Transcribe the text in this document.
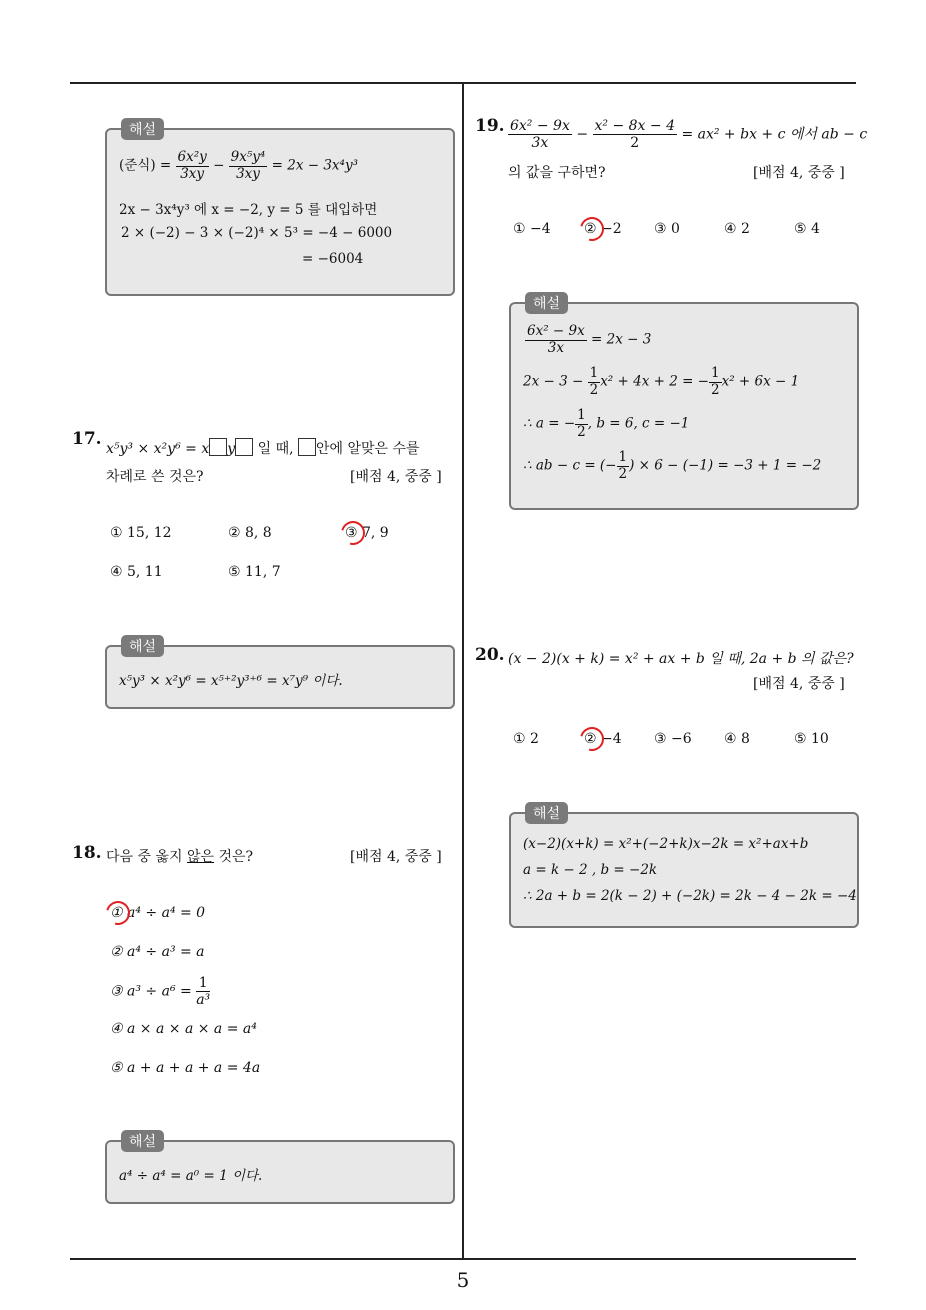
5
해설
(준식) = $\frac{\text{6x²y}}{3xy} - \frac{\text{9x⁵y⁴}}{3xy} = 2x - 3x^4y^3$
2x − 3x⁴y³ 에 x = −2, y = 5 를 대입하면
2 × (−2) − 3 × (−2)⁴ × 5³ = −4 − 6000
= −6004
17. x⁵y³ × x²y⁶ = x y 일 때, 안에 알맞은 수를
차례로 쓴 것은?	[배점 4, 중중 ]
① 15, 12	② 8, 8	③ 7, 9
④ 5, 11	⑤ 11, 7
해설
x⁵y³ × x²y⁶ = x⁵⁺²y³⁺⁶ = x⁷y⁹ 이다.
18. 다음 중 옳지 않은 것은?	[배점 4, 중중 ]
① a⁴ ÷ a⁴ = 0
② a⁴ ÷ a³ = a
③ $a^3 \div a^6 = \frac{1}{\text{a³}}$
④ a × a × a × a = a⁴
⑤ a + a + a + a = 4a
해설
a⁴ ÷ a⁴ = a⁰ = 1 이다.
19. $\frac{\text{6x² − 9x}}{3x} - \frac{\text{x² − 8x − 4}}{2} = ax^2$ + bx + c 에서 ab − c
의 값을 구하면?	[배점 4, 중중 ]
① −4 ② −2 ③ 0	④ 2	⑤ 4
해설
$\frac{\text{6x² − 9x}}{3x} = 2x - 3$
$2x - 3 - \frac{1}{2} x^2 + 4x + 2$ = − $\frac{1}{2} x^2 + 6x - 1$
∴ a = − $\frac{1}{2}$ , b = 6, c = −1
∴ ab − c = (− $\frac{1}{2}$ ) × 6 − (−1) = −3 + 1 = −2
20. (x − 2)(x + k) = x² + ax + b 일 때, 2a + b 의 값은?
[배점 4, 중중 ]
① 2	② −4 ③ −6 ④ 8	⑤ 10
해설
(x−2)(x+k) = x²+(−2+k)x−2k = x²+ax+b
a = k − 2 , b = −2k
∴ 2a + b = 2(k − 2) + (−2k) = 2k − 4 − 2k = −4
